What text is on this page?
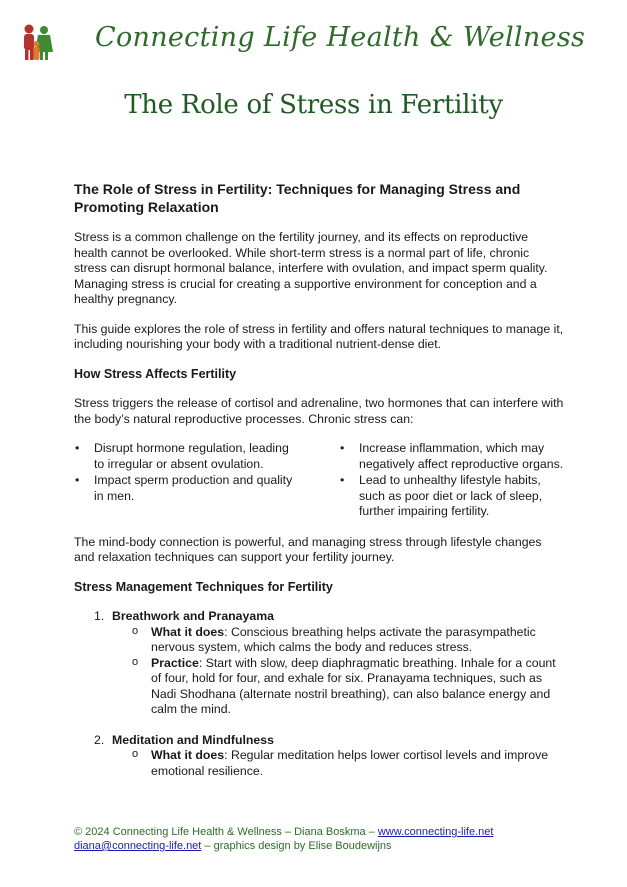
Connecting Life Health & Wellness
The Role of Stress in Fertility
The Role of Stress in Fertility: Techniques for Managing Stress and Promoting Relaxation

Stress is a common challenge on the fertility journey, and its effects on reproductive health cannot be overlooked. While short-term stress is a normal part of life, chronic stress can disrupt hormonal balance, interfere with ovulation, and impact sperm quality. Managing stress is crucial for creating a supportive environment for conception and a healthy pregnancy.

This guide explores the role of stress in fertility and offers natural techniques to manage it, including nourishing your body with a traditional nutrient-dense diet.

How Stress Affects Fertility

Stress triggers the release of cortisol and adrenaline, two hormones that can interfere with the body’s natural reproductive processes. Chronic stress can:

• Disrupt hormone regulation, leading to irregular or absent ovulation.
• Impact sperm production and quality in men.
• Increase inflammation, which may negatively affect reproductive organs.
• Lead to unhealthy lifestyle habits, such as poor diet or lack of sleep, further impairing fertility.

The mind-body connection is powerful, and managing stress through lifestyle changes and relaxation techniques can support your fertility journey.

Stress Management Techniques for Fertility
1. Breathwork and Pranayama
o What it does: Conscious breathing helps activate the parasympathetic nervous system, which calms the body and reduces stress.
o Practice: Start with slow, deep diaphragmatic breathing. Inhale for a count of four, hold for four, and exhale for six. Pranayama techniques, such as Nadi Shodhana (alternate nostril breathing), can also balance energy and calm the mind.
2. Meditation and Mindfulness
o What it does: Regular meditation helps lower cortisol levels and improve emotional resilience.
© 2024 Connecting Life Health & Wellness – Diana Boskma – www.connecting-life.net
diana@connecting-life.net – graphics design by Elise Boudewijns
